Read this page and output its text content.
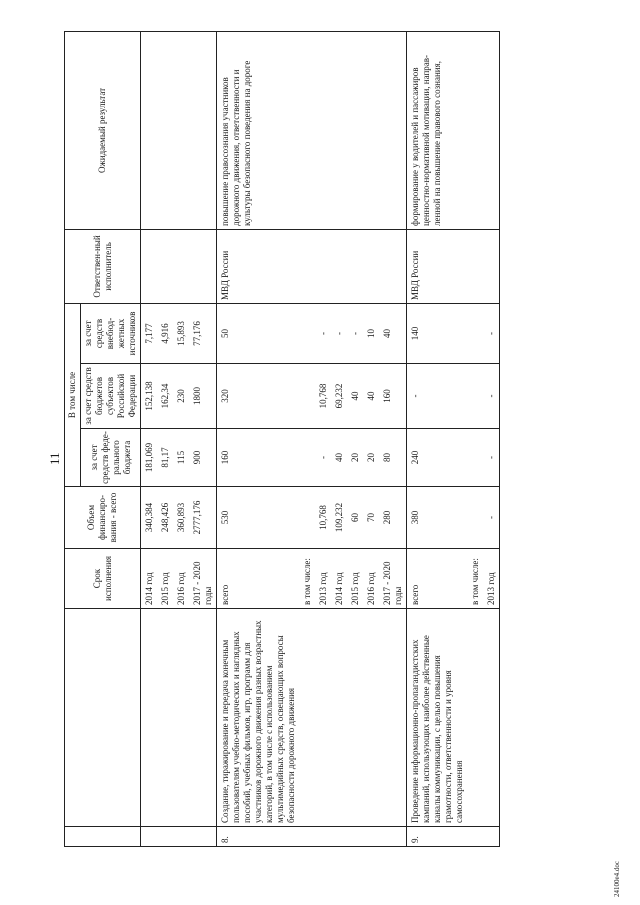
11
		Срок исполнения	Объем финансиро-вания - всего	В том числе			Ответствен-ный исполнитель	Ожидаемый результат
				за счет средств феде-рального бюджета	за счет средств бюджетов субъектов Российской Федерации	за счет средств внебюд-жетных источников		
		2014 год	340,384	181,069	152,138	7,177		
		2015 год	248,426	81,17	162,34	4,916		
		2016 год	360,893	115	230	15,893		
		2017 - 2020 годы	2777,176	900	1800	77,176		
8.	Создание, тиражирование и передача конечным пользователям учебно-методических и наглядных пособий, учебных фильмов, игр, программ для участников дорожного движения разных возрастных категорий, в том числе с использованием мультимедийных средств, освещающих вопросы безопасности дорожного движения	всего	530	160	320	50	МВД России	повышение правосознания участников дорожного движения, ответственности и культуры безопасного поведения на дороге
		в том числе:						
		2013 год	10,768	-	10,768	-		
		2014 год	109,232	40	69,232	-		
		2015 год	60	20	40	-		
		2016 год	70	20	40	10		
		2017 - 2020 годы	280	80	160	40		
9.	Проведение информационно-пропагандистских кампаний, использующих наиболее действенные каналы коммуникации, с целью повышения грамотности, ответственности и уровня самосохранения	всего	380	240	-	140	МВД России	формирование у водителей и пассажиров ценностно-нормативной мотивации, направ-ленной на повышение правового сознания,
		в том числе:						
		2013 год	-	-	-	-		
24100e4.doc
